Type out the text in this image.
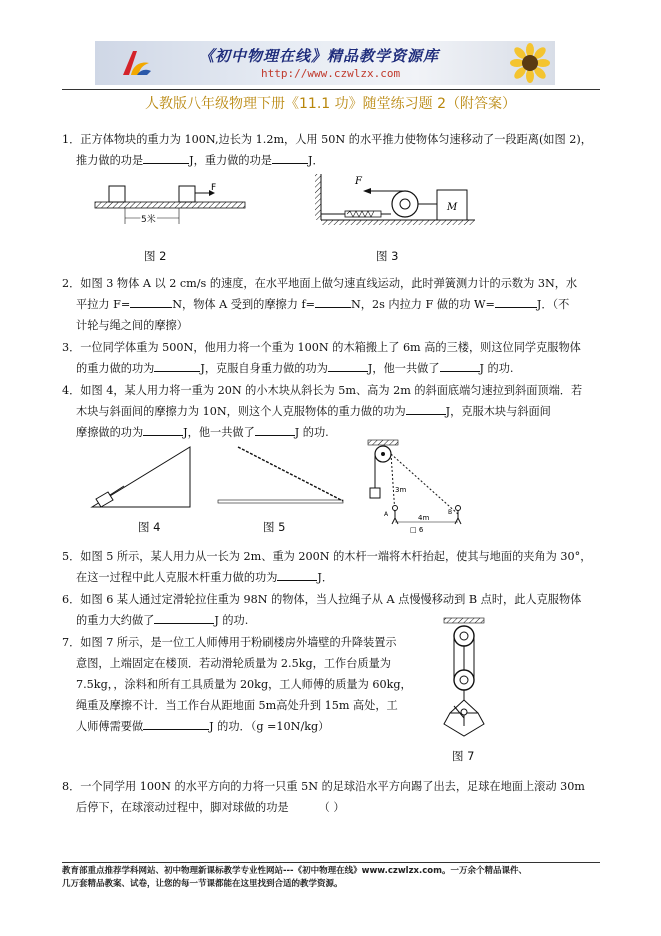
《初中物理在线》精品教学资源库
http://www.czwlzx.com
人教版八年级物理下册《11.1 功》随堂练习题 2（附答案）
1．正方体物块的重力为 100N,边长为 1.2m，人用 50N 的水平推力使物体匀速移动了一段距离(如图 2)，
推力做的功是	J，重力做的功是	J．
F
5米
图 2
F
M
图 3
2．如图 3 物体 A 以 2 cm/s 的速度，在水平地面上做匀速直线运动，此时弹簧测力计的示数为 3N，水
平拉力 F=	N，物体 A 受到的摩擦力 f=	N，2s 内拉力 F 做的功 W=	J．（不
计轮与绳之间的摩擦）
3．一位同学体重为 500N，他用力将一个重为 100N 的木箱搬上了 6m 高的三楼，则这位同学克服物体
的重力做的功为	J，克服自身重力做的功为	J，他一共做了	J 的功.
4．如图 4，某人用力将一重为 20N 的小木块从斜长为 5m、高为 2m 的斜面底端匀速拉到斜面顶端．若
木块与斜面间的摩擦力为 10N，则这个人克服物体的重力做的功为	J，克服木块与斜面间
摩擦做的功为	J，他一共做了	J 的功.
图 4	图 5
3m
4m
A	B
□ 6
5．如图 5 所示，某人用力从一长为 2m、重为 200N 的木杆一端将木杆抬起，使其与地面的夹角为 30°，
在这一过程中此人克服木杆重力做的功为	J．
6．如图 6 某人通过定滑轮拉住重为 98N 的物体，当人拉绳子从 A 点慢慢移动到 B 点时，此人克服物体
的重力大约做了	J 的功.
7．如图 7 所示，是一位工人师傅用于粉刷楼房外墙壁的升降装置示
意图，上端固定在楼顶．若动滑轮质量为 2.5kg，工作台质量为
7.5kg，，涂料和所有工具质量为 20kg，工人师傅的质量为 60kg，
绳重及摩擦不计．当工作台从距地面 5m高处升到 15m 高处，工
人师傅需要做	J 的功．（g =10N/kg）
图 7
8．一个同学用 100N 的水平方向的力将一只重 5N 的足球沿水平方向踢了出去，足球在地面上滚动 30m
后停下，在球滚动过程中，脚对球做的功是	（ ）
教育部重点推荐学科网站、初中物理新课标教学专业性网站---《初中物理在线》www.czwlzx.com。一万余个精品课件、
几万套精品教案、试卷，让您的每一节课都能在这里找到合适的教学资源。
